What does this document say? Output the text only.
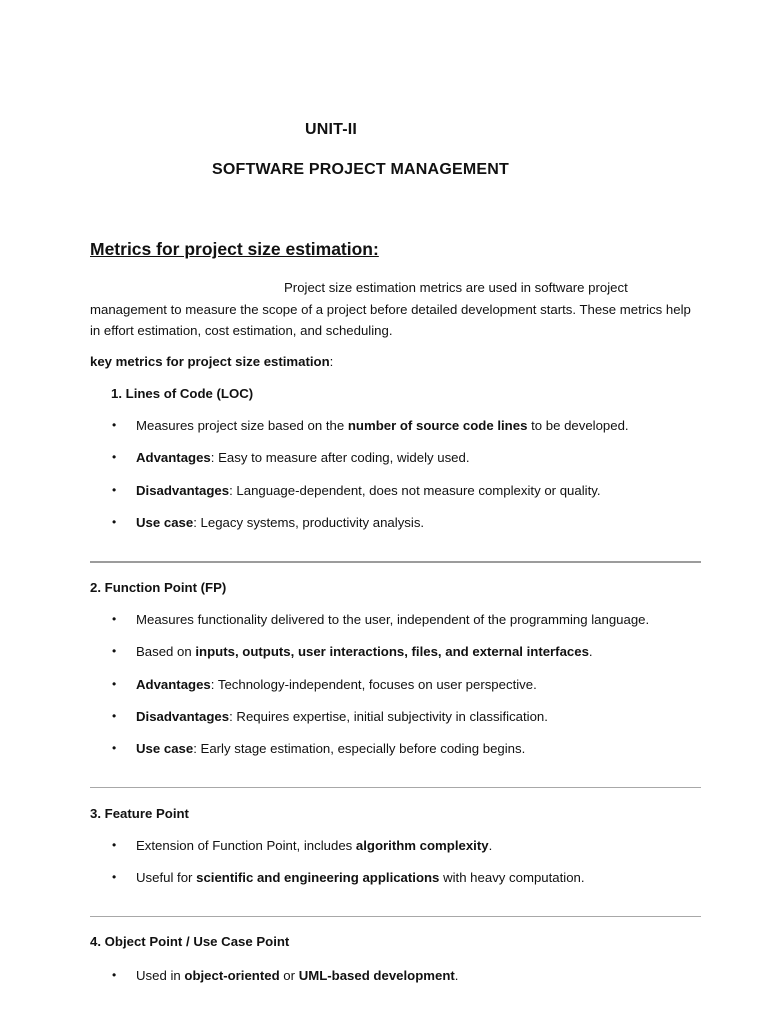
UNIT-II
SOFTWARE PROJECT MANAGEMENT
Metrics for project size estimation:

Project size estimation metrics are used in software project management to measure the scope of a project before detailed development starts. These metrics help in effort estimation, cost estimation, and scheduling.

key metrics for project size estimation:

1. Lines of Code (LOC)

• Measures project size based on the number of source code lines to be developed.
• Advantages: Easy to measure after coding, widely used.
• Disadvantages: Language-dependent, does not measure complexity or quality.
• Use case: Legacy systems, productivity analysis.

2. Function Point (FP)

• Measures functionality delivered to the user, independent of the programming language.
• Based on inputs, outputs, user interactions, files, and external interfaces.
• Advantages: Technology-independent, focuses on user perspective.
• Disadvantages: Requires expertise, initial subjectivity in classification.
• Use case: Early stage estimation, especially before coding begins.

3. Feature Point

• Extension of Function Point, includes algorithm complexity.
• Useful for scientific and engineering applications with heavy computation.

4. Object Point / Use Case Point

• Used in object-oriented or UML-based development.
